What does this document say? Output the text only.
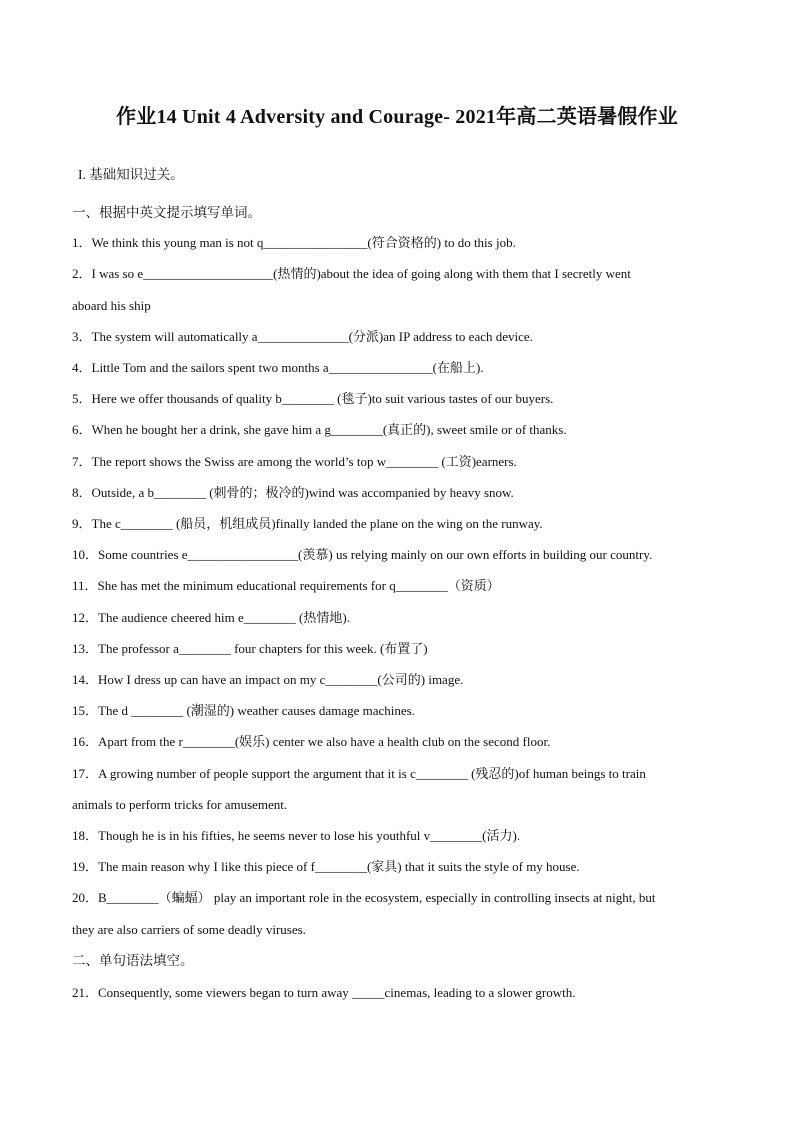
作业14 Unit 4 Adversity and Courage- 2021年高二英语暑假作业
I. 基础知识过关。
一、根据中英文提示填写单词。
1．We think this young man is not q________________(符合资格的) to do this job.
2．I was so e____________________(热情的)about the idea of going along with them that I secretly went
aboard his ship
3．The system will automatically a______________(分派)an IP address to each device.
4．Little Tom and the sailors spent two months a________________(在船上).
5．Here we offer thousands of quality b________ (毯子)to suit various tastes of our buyers.
6．When he bought her a drink, she gave him a g________(真正的), sweet smile or of thanks.
7．The report shows the Swiss are among the world’s top w________ (工资)earners.
8．Outside, a b________ (刺骨的；极冷的)wind was accompanied by heavy snow.
9．The c________ (船员，机组成员)finally landed the plane on the wing on the runway.
10．Some countries e_________________(羡慕) us relying mainly on our own efforts in building our country.
11．She has met the minimum educational requirements for q________（资质）
12．The audience cheered him e________ (热情地).
13．The professor a________ four chapters for this week. (布置了)
14．How I dress up can have an impact on my c________(公司的) image.
15．The d ________ (潮湿的) weather causes damage machines.
16．Apart from the r________(娱乐) center we also have a health club on the second floor.
17．A growing number of people support the argument that it is c________ (残忍的)of human beings to train
animals to perform tricks for amusement.
18．Though he is in his fifties, he seems never to lose his youthful v________(活力).
19．The main reason why I like this piece of f________(家具) that it suits the style of my house.
20．B________（蝙蝠） play an important role in the ecosystem, especially in controlling insects at night, but
they are also carriers of some deadly viruses.
二、单句语法填空。
21．Consequently, some viewers began to turn away _____cinemas, leading to a slower growth.
